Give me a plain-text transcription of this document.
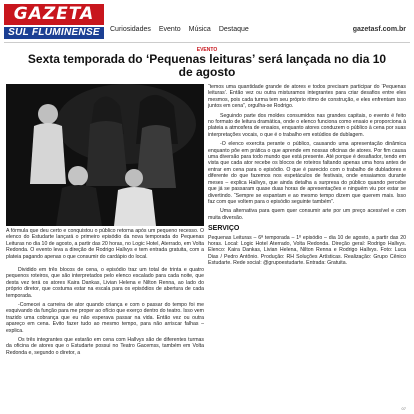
GAZETA
SUL FLUMINENSE	Curiosidades Evento Música Destaque	gazetasf.com.br
EVENTO
Sexta temporada do ‘Pequenas leituras’ será lançada no dia 10 de agosto
A fórmula que deu certo e conquistou o público retorna após um pequeno recesso. O elenco do Estudarte lançará o primeiro episódio da nova temporada do Pequenas Leituras no dia 10 de agosto, a partir das 20 horas, no Logic Hotel, Aterrado, em Volta Redonda. O evento leva a direção de Rodrigo Hallvys e tem entrada gratuita, com a plateia pagando apenas o que consumir do cardápio do local.

Dividido em três blocos de cena, o episódio traz um total de trinta e quatro pequenos roteiros, que são interpretados pelo elenco escalado para cada noite, que desta vez terá os atores Kaira Dankas, Livian Helena e Nilton Renna, ao lado do próprio diretor, que costuma estar na escala para os episódios de abertura de cada temporada.

-Comecei a carreira de ator quando criança e com o passar do tempo foi me esquivando da função para me proper ao ofício que exerço dentro do teatro. Isso vem trazido uma cobrança que eu não esperava passar na vida. Então vez ou outra apareço em cena. Evito fazer tudo ao mesmo tempo, para não arriscar falhas – explica.

Os três integrantes que estarão em cena com Hallvys são de diferentes turmas da oficina de atores que o Estudarte possui no Teatro Gacemss, também em Volta Redonda e, segundo o diretor, a

“temos uma quantidade grande de atores e todos precisam participar do ‘Pequenas leituras’. Então vez ou outra misturamos integrantes para criar desafios entre eles mesmos, pois cada turma tem seu próprio ritmo de construção, e eles enfrentam isso juntos em cena”, orgulha-se Rodrigo.

Seguindo parte dos moldes consumidos nas grandes capitais, o evento é feito no formato de leitura dramática, onde o elenco funciona como ensaio e proporciona à plateia a atmosfera de ensaios, enquanto atores conduzem o público à cena por suas interpretações vocais, o que é o trabalho em estúdios de dublagem.

-O elenco exercita perante o público, causando uma apresentação dinâmica enquanto pôe em prática o que aprende em nossas oficinas de atores. Por fim causa uma diversão para todo mundo que está presente. Até porque é desafiador, tendo em vista que cada ator recebe os blocos de roteiros faltando apenas uma hora antes de entrar em cena para o episódio. O que é parecido com o trabalho de dubladores e diferente do que fazemos nos espetáculos de festivais, onde ensaiamos durante meses – explica Hallvys, que ainda detalha a surpresa do público quando percebe que já se passaram quase duas horas de apresentações e ninguém viu por estar se divertindo. “Sempre se espantam e ao mesmo tempo dizem que querem mais. Isso faz com que voltem para o episódio seguinte também”.

Uma alternativa para quem quer consumir arte por um preço acessível e com muita diversão.

SERVIÇO

Pequenas Leituras – 6ª temporada – 1º episódio – dia 10 de agosto, a partir das 20 horas. Local: Logic Hotel Aterrado, Volta Redonda. Direção geral: Rodrigo Hallvys. Elenco: Kaira Dankas, Livian Helena, Nilton Renna e Rodrigo Hallvys. Foto: Luca Dias / Pedro Antônio. Produção: RH Soluções Artísticas. Realização: Grupo Cênico Estudarte. Rede social: @grupoestudarte. Entrada: Gratuita.

07
